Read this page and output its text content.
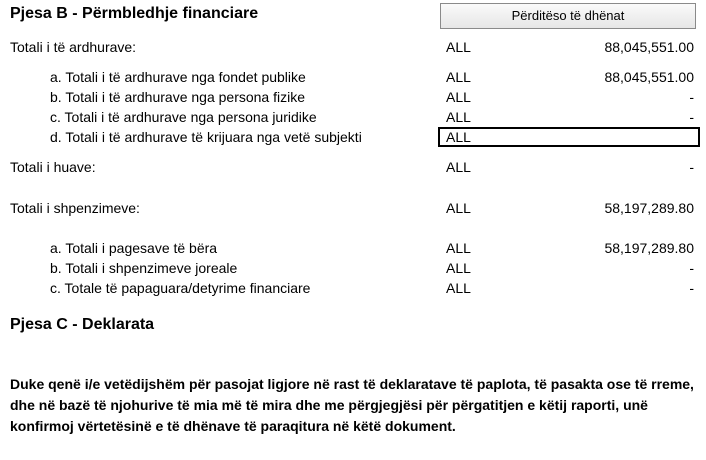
Pjesa B - Përmbledhje financiare	Përditëso të dhënat
Totali i të ardhurave:	ALL	88,045,551.00
a. Totali i të ardhurave nga fondet publike	ALL	88,045,551.00
b. Totali i të ardhurave nga persona fizike	ALL	-
c. Totali i të ardhurave nga persona juridike	ALL	-
d. Totali i të ardhurave të krijuara nga vetë subjekti	ALL
Totali i huave:	ALL	-
Totali i shpenzimeve:	ALL	58,197,289.80
a. Totali i pagesave të bëra	ALL	58,197,289.80
b. Totali i shpenzimeve joreale	ALL	-
c. Totale të papaguara/detyrime financiare	ALL	-
Pjesa C - Deklarata
Duke qenë i/e vetëdijshëm për pasojat ligjore në rast të deklaratave të paplota, të pasakta ose të rreme, dhe në bazë të njohurive të mia më të mira dhe me përgjegjësi për përgatitjen e këtij raporti, unë konfirmoj vërtetësinë e të dhënave të paraqitura në këtë dokument.
